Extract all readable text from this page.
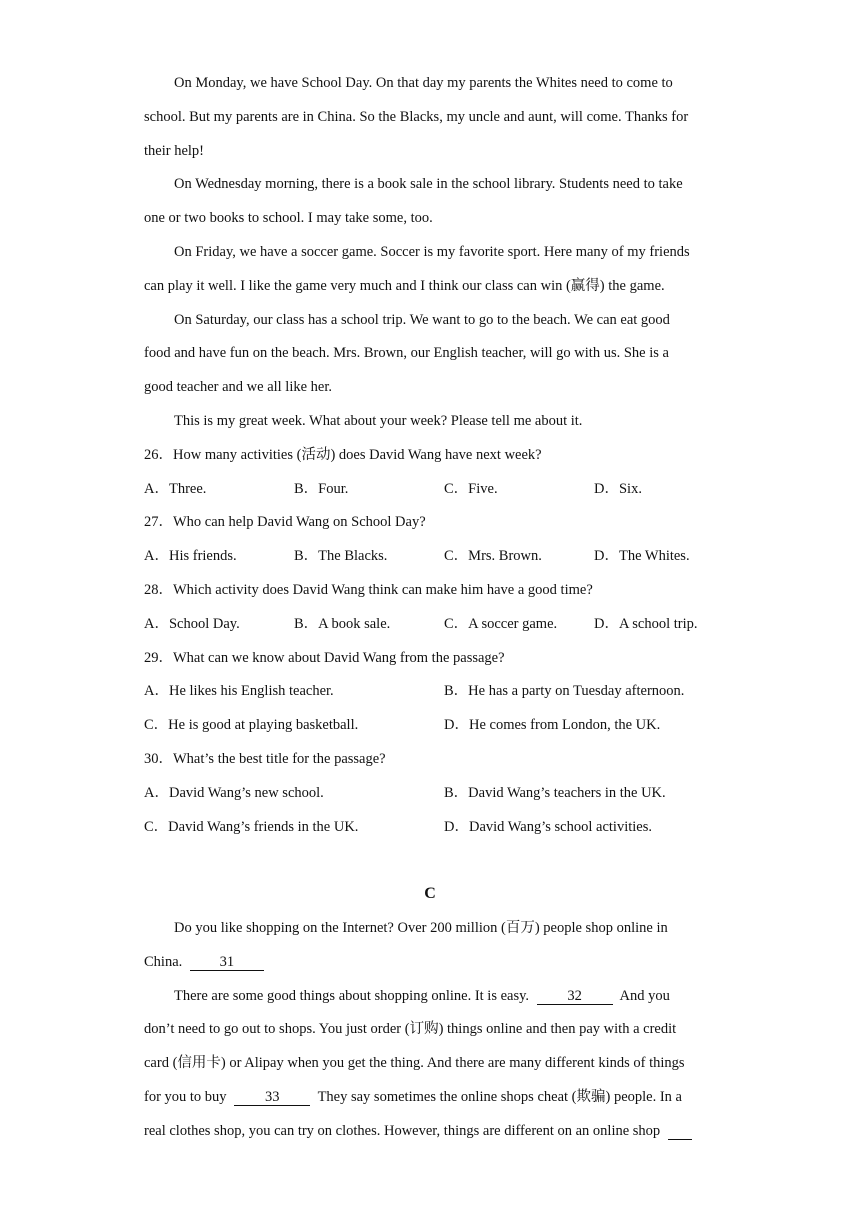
On Monday, we have School Day. On that day my parents the Whites need to come to
school. But my parents are in China. So the Blacks, my uncle and aunt, will come. Thanks for
their help!
On Wednesday morning, there is a book sale in the school library. Students need to take
one or two books to school. I may take some, too.
On Friday, we have a soccer game. Soccer is my favorite sport. Here many of my friends
can play it well. I like the game very much and I think our class can win (赢得) the game.
On Saturday, our class has a school trip. We want to go to the beach. We can eat good
food and have fun on the beach. Mrs. Brown, our English teacher, will go with us. She is a
good teacher and we all like her.
This is my great week. What about your week? Please tell me about it.
26．How many activities (活动) does David Wang have next week?
A．Three.	B．Four.	C．Five.	D．Six.
27．Who can help David Wang on School Day?
A．His friends.	B．The Blacks.	C．Mrs. Brown.	D．The Whites.
28．Which activity does David Wang think can make him have a good time?
A．School Day.	B．A book sale.	C．A soccer game.	D．A school trip.
29．What can we know about David Wang from the passage?
A．He likes his English teacher.	B．He has a party on Tuesday afternoon.
C．He is good at playing basketball.	D．He comes from London, the UK.
30．What’s the best title for the passage?
A．David Wang’s new school.	B．David Wang’s teachers in the UK.
C．David Wang’s friends in the UK.	D．David Wang’s school activities.
C
Do you like shopping on the Internet? Over 200 million (百万) people shop online in
China.	31
There are some good things about shopping online. It is easy.	32	And you
don’t need to go out to shops. You just order (订购) things online and then pay with a credit
card (信用卡) or Alipay when you get the thing. And there are many different kinds of things
for you to buy	33	They say sometimes the online shops cheat (欺骗) people. In a
real clothes shop, you can try on clothes. However, things are different on an online shop
